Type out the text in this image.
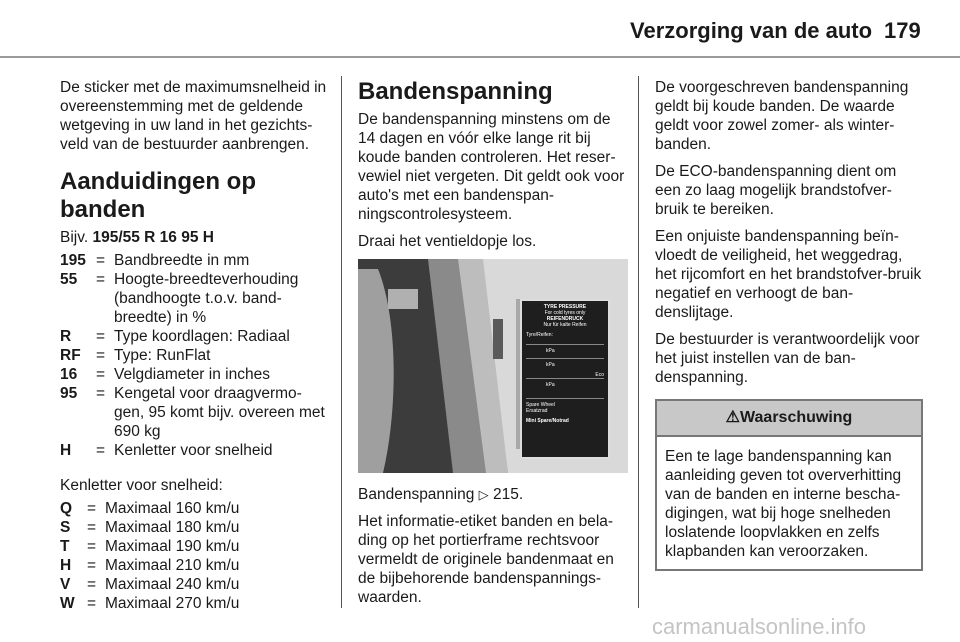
Verzorging van de auto 179

De sticker met de maximumsnelheid in overeenstemming met de geldende wetgeving in uw land in het gezichts-veld van de bestuurder aanbrengen.

Aanduidingen op banden
Bijv. 195/55 R 16 95 H
195 = Bandbreedte in mm
55	= Hoogte-breedteverhouding (bandhoogte t.o.v. band-breedte) in %
R	= Type koordlagen: Radiaal
RF = Type: RunFlat
16	= Velgdiameter in inches
95	= Kengetal voor draagvermo-gen, 95 komt bijv. overeen met 690 kg
H	= Kenletter voor snelheid

Kenletter voor snelheid:

Q = Maximaal 160 km/u
S	= Maximaal 180 km/u
T	= Maximaal 190 km/u
H	= Maximaal 210 km/u
V	= Maximaal 240 km/u
W = Maximaal 270 km/u
Bandenspanning

De bandenspanning minstens om de 14 dagen en vóór elke lange rit bij koude banden controleren. Het reser-vewiel niet vergeten. Dit geldt ook voor auto's met een bandenspan-ningscontrolesysteem.

Draai het ventieldopje los.

TYRE PRESSURE
For cold tyres only
REIFENDRUCK
Nur für kalte Reifen
Tyre/Reifen:
kPa
kPa
Eco
kPa
Spare Wheel
Ersatzrad
Mini Spare/Notrad

Bandenspanning ▷ 215.

Het informatie-etiket banden en bela-ding op het portierframe rechtsvoor vermeldt de originele bandenmaat en de bijbehorende bandenspannings-waarden.

De voorgeschreven bandenspanning geldt bij koude banden. De waarde geldt voor zowel zomer- als winter-banden.

De ECO-bandenspanning dient om een zo laag mogelijk brandstofver-bruik te bereiken.

Een onjuiste bandenspanning beïn-vloedt de veiligheid, het weggedrag, het rijcomfort en het brandstofver-bruik negatief en verhoogt de ban-denslijtage.

De bestuurder is verantwoordelijk voor het juist instellen van de ban-denspanning.

⚠Waarschuwing
Een te lage bandenspanning kan aanleiding geven tot oververhitting van de banden en interne bescha-digingen, wat bij hoge snelheden loslatende loopvlakken en zelfs klapbanden kan veroorzaken.
carmanualsonline.info
